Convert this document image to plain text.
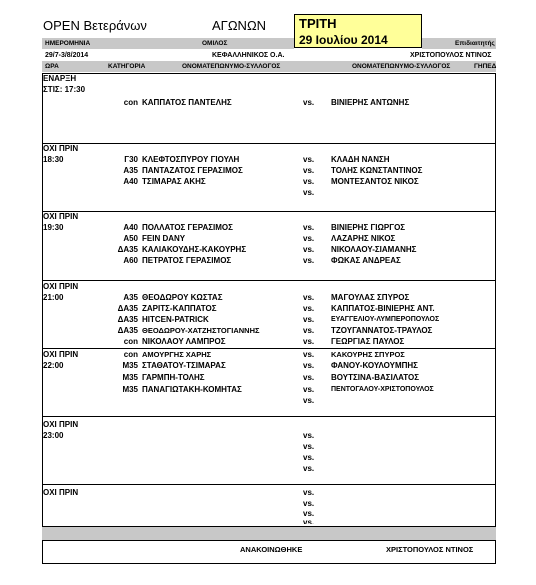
OPEN Βετεράνων	ΑΓΩΝΩΝ	ΤΡΙΤΗ
29 Ιουλίου 2014
ΗΜΕΡΟΜΗΝΙΑ	ΟΜΙΛΟΣ	Επιδιαιτητής
29/7-3/8/2014	ΚΕΦΑΛΛΗΝΙΚΟΣ Ο.Α.	ΧΡΙΣΤΟΠΟΥΛΟΣ ΝΤΙΝΟΣ
ΩΡΑ	ΚΑΤΗΓΟΡΙΑ	ΟΝΟΜΑΤΕΠΩΝΥΜΟ-ΣΥΛΛΟΓΟΣ	ΟΝΟΜΑΤΕΠΩΝΥΜΟ-ΣΥΛΛΟΓΟΣ	ΓΗΠΕΔ
ΕΝΑΡΞΗ
ΣΤΙΣ: 17:30
con ΚΑΠΠΑΤΟΣ ΠΑΝΤΕΛΗΣ	vs. ΒΙΝΙΕΡΗΣ ΑΝΤΩΝΗΣ
ΟΧΙ ΠΡΙΝ
18:30	Γ30 ΚΛΕΦΤΟΣΠΥΡΟΥ ΓΙΟΥΛΗ	vs. ΚΛΑΔΗ ΝΑΝΣΗ
Α35 ΠΑΝΤΑΖΑΤΟΣ ΓΕΡΑΣΙΜΟΣ	vs. ΤΟΛΗΣ ΚΩΝΣΤΑΝΤΙΝΟΣ
Α40 ΤΣΙΜΑΡΑΣ ΑΚΗΣ	vs. ΜΟΝΤΕΣΑΝΤΟΣ ΝΙΚΟΣ
vs.
ΟΧΙ ΠΡΙΝ
19:30	Α40 ΠΟΛΛΑΤΟΣ ΓΕΡΑΣΙΜΟΣ	vs. ΒΙΝΙΕΡΗΣ ΓΙΩΡΓΟΣ
Α50 FEIN DANY	vs. ΛΑΖΑΡΗΣ ΝΙΚΟΣ
ΔΑ35 ΚΑΛΙΑΚΟΥΔΗΣ-ΚΑΚΟΥΡΗΣ	vs. ΝΙΚΟΛΑΟΥ-ΣΙΑΜΑΝΗΣ
Α60 ΠΕΤΡΑΤΟΣ ΓΕΡΑΣΙΜΟΣ	vs. ΦΩΚΑΣ ΑΝΔΡΕΑΣ
ΟΧΙ ΠΡΙΝ
21:00	Α35 ΘΕΟΔΩΡΟΥ ΚΩΣΤΑΣ	vs. ΜΑΓΟΥΛΑΣ ΣΠΥΡΟΣ
ΔΑ35 ΖΑΡΙΤΣ-ΚΑΠΠΑΤΟΣ	vs. ΚΑΠΠΑΤΟΣ-ΒΙΝΙΕΡΗΣ ΑΝΤ.
ΔΑ35 HITCEN-PATRICK	vs. ΕΥΑΓΓΕΛΙΟΥ-ΛΥΜΠΕΡΟΠΟΥΛΟΣ
ΔΑ35 ΘΕΟΔΩΡΟΥ-ΧΑΤΖΗΣΤΟΓΙΑΝΝΗΣ	vs. ΤΖΟΥΓΑΝΝΑΤΟΣ-ΤΡΑΥΛΟΣ
con ΝΙΚΟΛΑΟΥ ΛΑΜΠΡΟΣ	vs. ΓΕΩΡΓΙΑΣ ΠΑΥΛΟΣ
ΟΧΙ ΠΡΙΝ
22:00
con ΑΜΟΥΡΓΗΣ ΧΑΡΗΣ	vs. ΚΑΚΟΥΡΗΣ ΣΠΥΡΟΣ
Μ35 ΣΤΑΘΑΤΟΥ-ΤΣΙΜΑΡΑΣ	vs. ΦΑΝΟΥ-ΚΟΥΛΟΥΜΠΗΣ
Μ35 ΓΑΡΜΠΗ-ΤΟΛΗΣ	vs. ΒΟΥΤΣΙΝΑ-ΒΑΣΙΛΑΤΟΣ
Μ35 ΠΑΝΑΓΙΩΤΑΚΗ-ΚΟΜΗΤΑΣ	vs. ΠΕΝΤΟΓΑΛΟΥ-ΧΡΙΣΤΟΠΟΥΛΟΣ
vs.
ΟΧΙ ΠΡΙΝ
23:00	vs.
vs.
vs.
vs.
ΟΧΙ ΠΡΙΝ	vs.
vs.
vs.
vs.
ΑΝΑΚΟΙΝΩΘΗΚΕ	ΧΡΙΣΤΟΠΟΥΛΟΣ ΝΤΙΝΟΣ
